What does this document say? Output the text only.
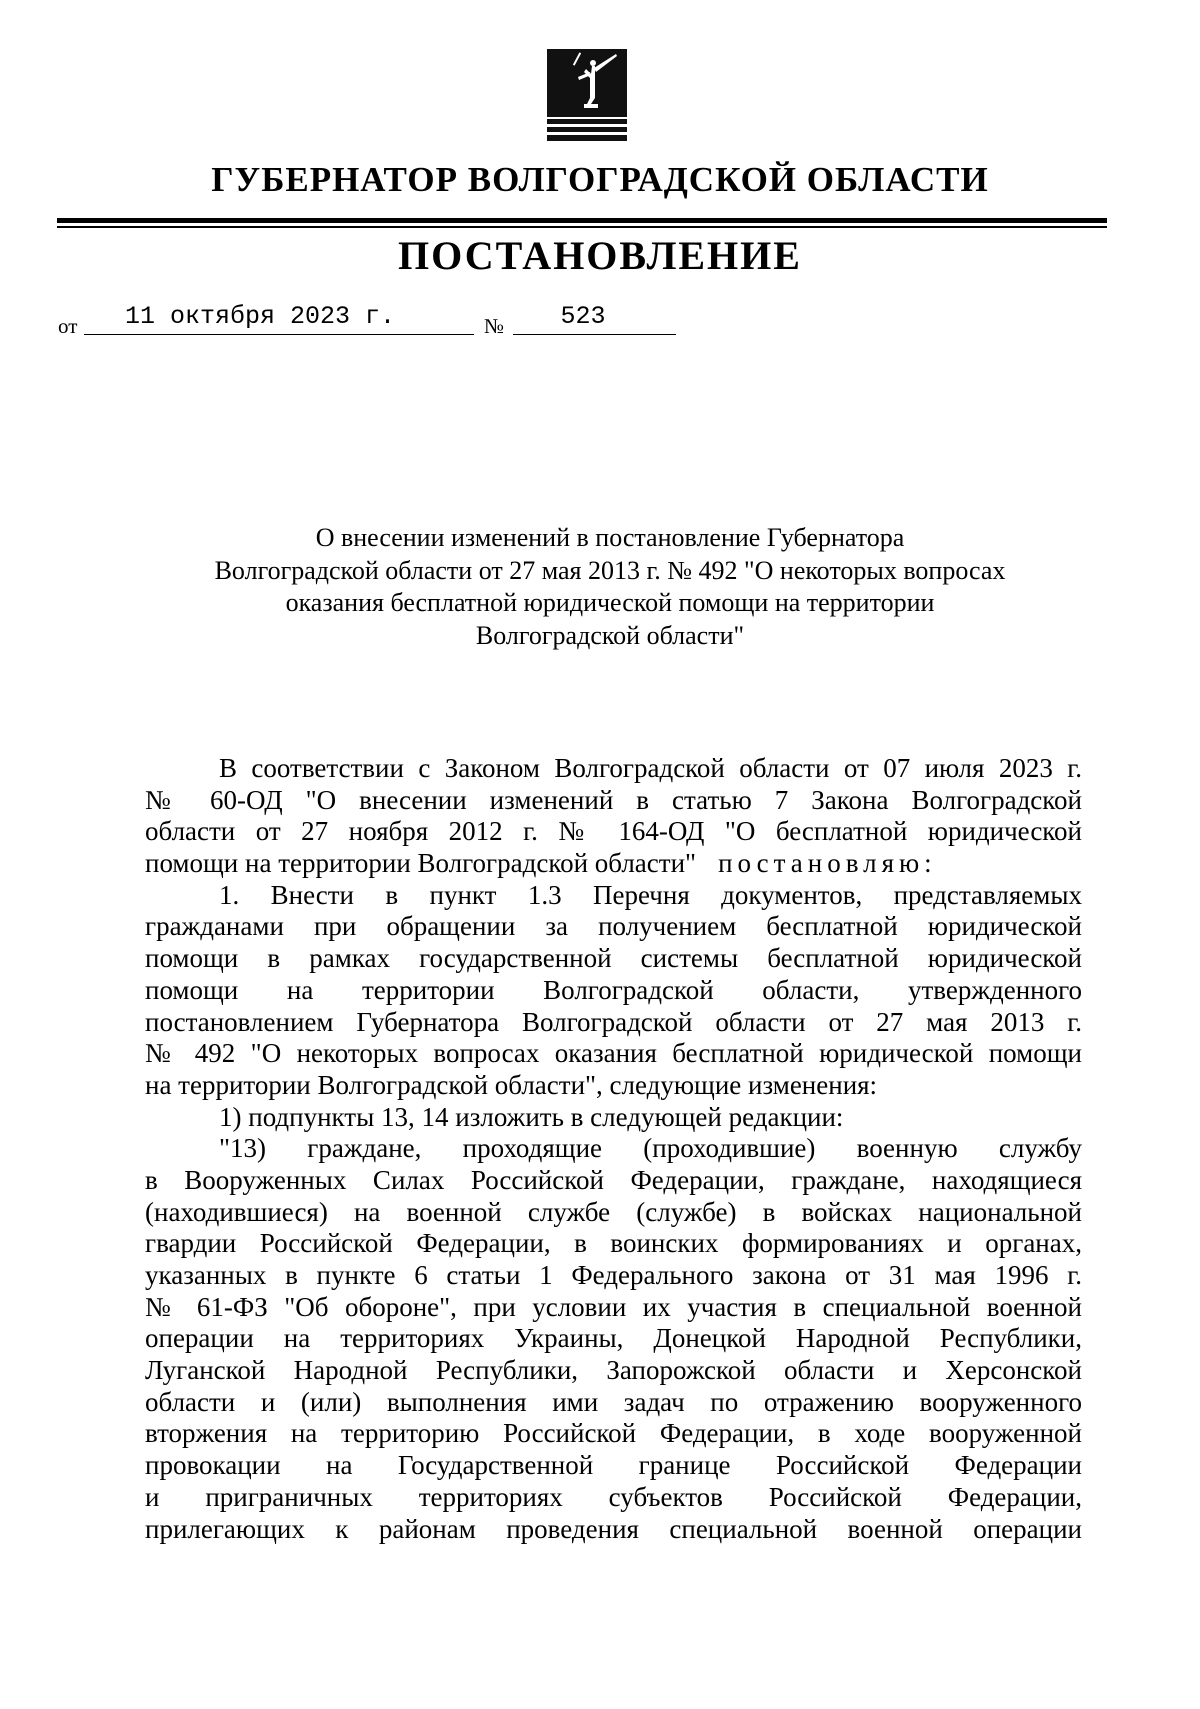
ГУБЕРНАТОР ВОЛГОГРАДСКОЙ ОБЛАСТИ
ПОСТАНОВЛЕНИЕ
от	11 октября 2023 г.	№	523
О внесении изменений в постановление Губернатора
Волгоградской области от 27 мая 2013 г. № 492 "О некоторых вопросах
оказания бесплатной юридической помощи на территории
Волгоградской области"
В соответствии с Законом Волгоградской области от 07 июля 2023 г.
№ 60-ОД "О внесении изменений в статью 7 Закона Волгоградской
области от 27 ноября 2012 г. № 164-ОД "О бесплатной юридической
помощи на территории Волгоградской области" постановляю:
1. Внести в пункт 1.3 Перечня документов, представляемых
гражданами при обращении за получением бесплатной юридической
помощи в рамках государственной системы бесплатной юридической
помощи на территории Волгоградской области, утвержденного
постановлением Губернатора Волгоградской области от 27 мая 2013 г.
№ 492 "О некоторых вопросах оказания бесплатной юридической помощи
на территории Волгоградской области", следующие изменения:
1) подпункты 13, 14 изложить в следующей редакции:
"13) граждане, проходящие (проходившие) военную службу
в Вооруженных Силах Российской Федерации, граждане, находящиеся
(находившиеся) на военной службе (службе) в войсках национальной
гвардии Российской Федерации, в воинских формированиях и органах,
указанных в пункте 6 статьи 1 Федерального закона от 31 мая 1996 г.
№ 61-ФЗ "Об обороне", при условии их участия в специальной военной
операции на территориях Украины, Донецкой Народной Республики,
Луганской Народной Республики, Запорожской области и Херсонской
области и (или) выполнения ими задач по отражению вооруженного
вторжения на территорию Российской Федерации, в ходе вооруженной
провокации на Государственной границе Российской Федерации
и приграничных территориях субъектов Российской Федерации,
прилегающих к районам проведения специальной военной операции
